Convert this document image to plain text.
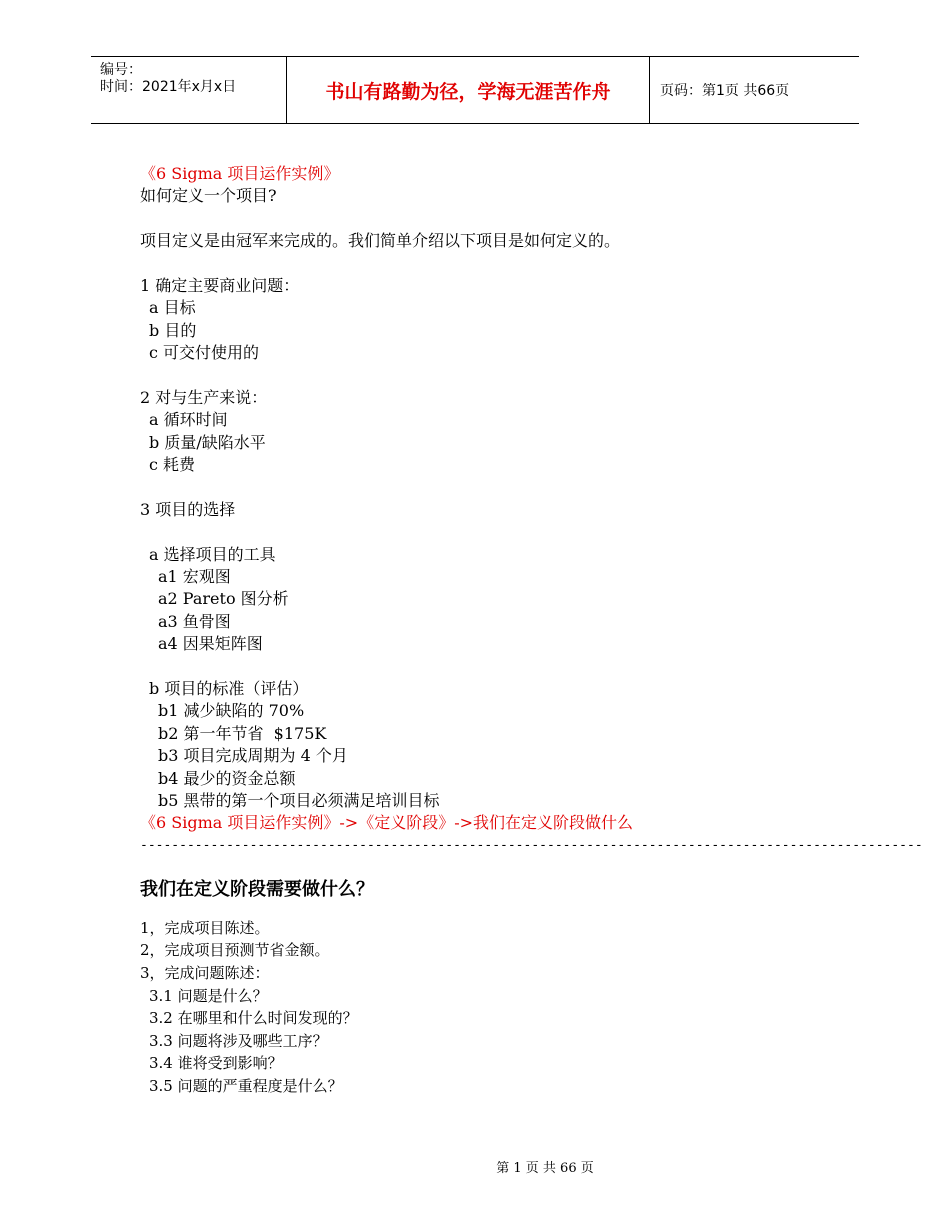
编号：
时间：2021年x月x日	书山有路勤为径，学海无涯苦作舟	页码：第1页 共66页
《6 Sigma 项目运作实例》
如何定义一个项目?
项目定义是由冠军来完成的。我们简单介绍以下项目是如何定义的。
1 确定主要商业问题：
a 目标
b 目的
c 可交付使用的
2 对与生产来说：
a 循环时间
b 质量/缺陷水平
c 耗费
3 项目的选择
a 选择项目的工具
a1 宏观图
a2 Pareto 图分析
a3 鱼骨图
a4 因果矩阵图
b 项目的标准（评估）
b1 减少缺陷的 70%
b2 第一年节省  $175K
b3 项目完成周期为 4 个月
b4 最少的资金总额
b5 黑带的第一个项目必须满足培训目标
《6 Sigma 项目运作实例》->《定义阶段》->我们在定义阶段做什么
----------------------------------------------------------------------------------------------------
我们在定义阶段需要做什么？
1，完成项目陈述。
2，完成项目预测节省金额。
3，完成问题陈述：
3.1 问题是什么？
3.2 在哪里和什么时间发现的？
3.3 问题将涉及哪些工序？
3.4 谁将受到影响？
3.5 问题的严重程度是什么？
第 1 页 共 66 页
